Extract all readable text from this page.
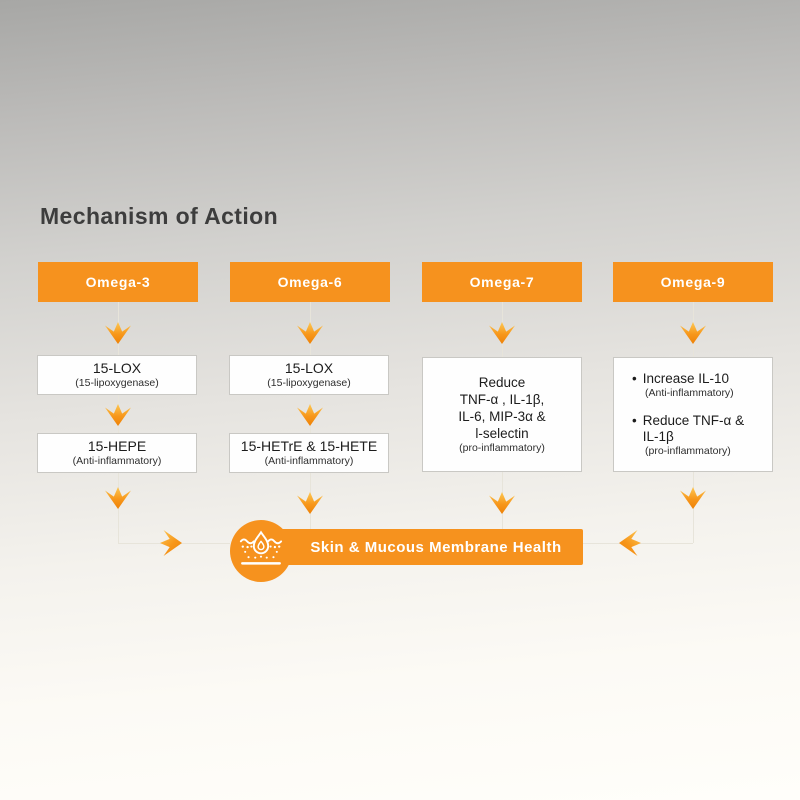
Mechanism of Action
Omega-3	Omega-6	Omega-7	Omega-9
15-LOX
(15-lipoxygenase)
15-HEPE
(Anti-inflammatory)
15-LOX
(15-lipoxygenase)
15-HETrE & 15-HETE
(Anti-inflammatory)
Reduce
TNF-α , IL-1β,
IL-6, MIP-3α &
l-selectin
(pro-inflammatory)
• Increase IL-10
(Anti-inflammatory)
• Reduce TNF-α & IL-1β
(pro-inflammatory)
Skin & Mucous Membrane Health
